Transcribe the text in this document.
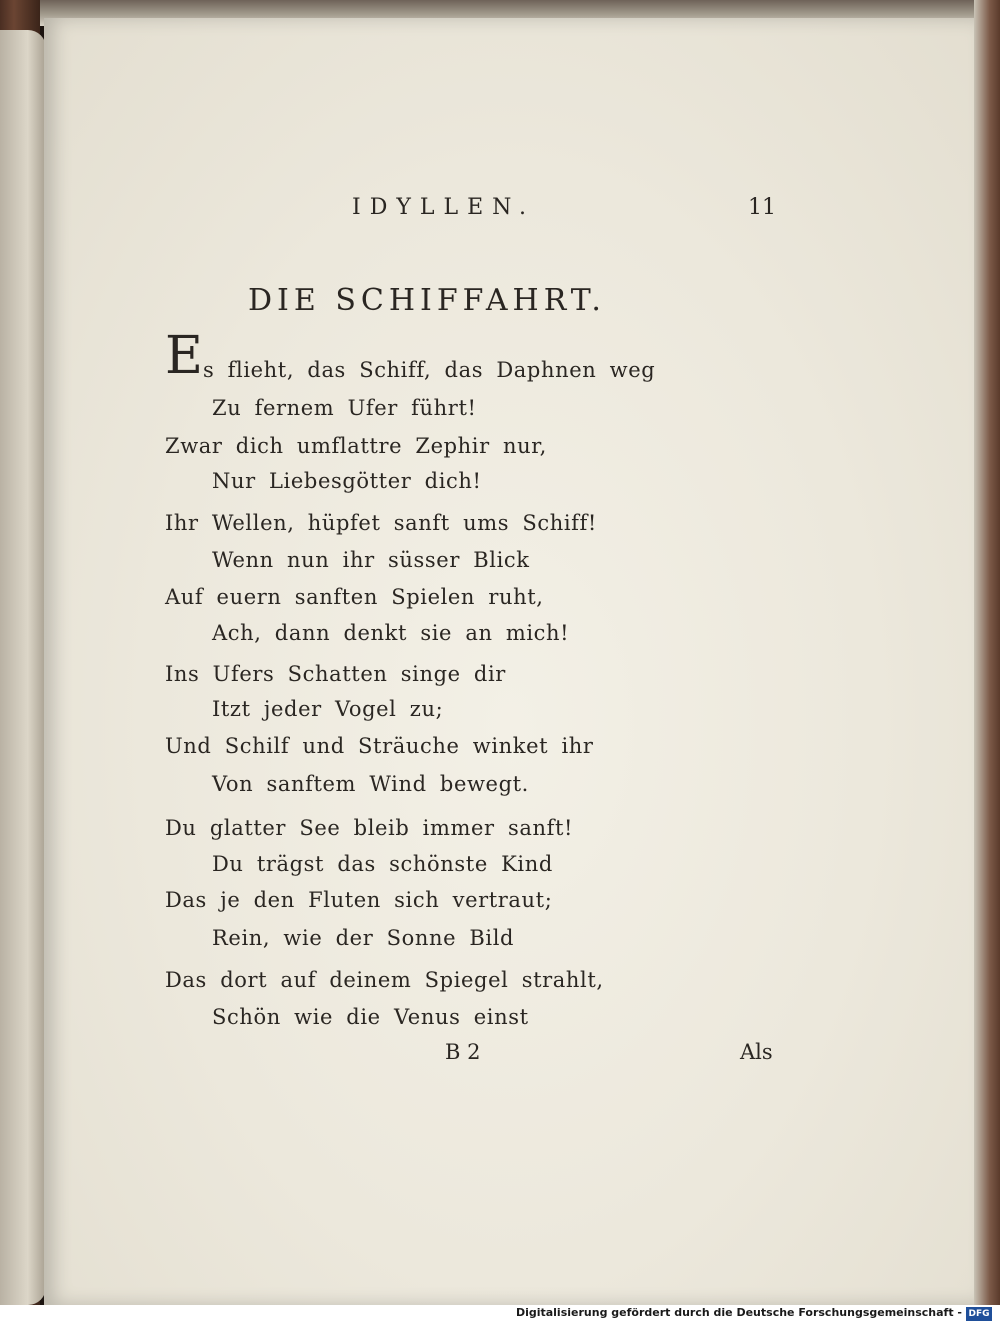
IDYLLEN.	11
DIE SCHIFFAHRT.
E s flieht, das Schiff, das Daphnen weg
Zu fernem Ufer führt!
Zwar dich umflattre Zephir nur,
Nur Liebesgötter dich!
Ihr Wellen, hüpfet sanft ums Schiff!
Wenn nun ihr süsser Blick
Auf euern sanften Spielen ruht,
Ach, dann denkt sie an mich!
Ins Ufers Schatten singe dir
Itzt jeder Vogel zu;
Und Schilf und Sträuche winket ihr
Von sanftem Wind bewegt.
Du glatter See bleib immer sanft!
Du trägst das schönste Kind
Das je den Fluten sich vertraut;
Rein, wie der Sonne Bild
Das dort auf deinem Spiegel strahlt,
Schön wie die Venus einst
B 2	Als
Digitalisierung gefördert durch die Deutsche Forschungsgemeinschaft - DFG
